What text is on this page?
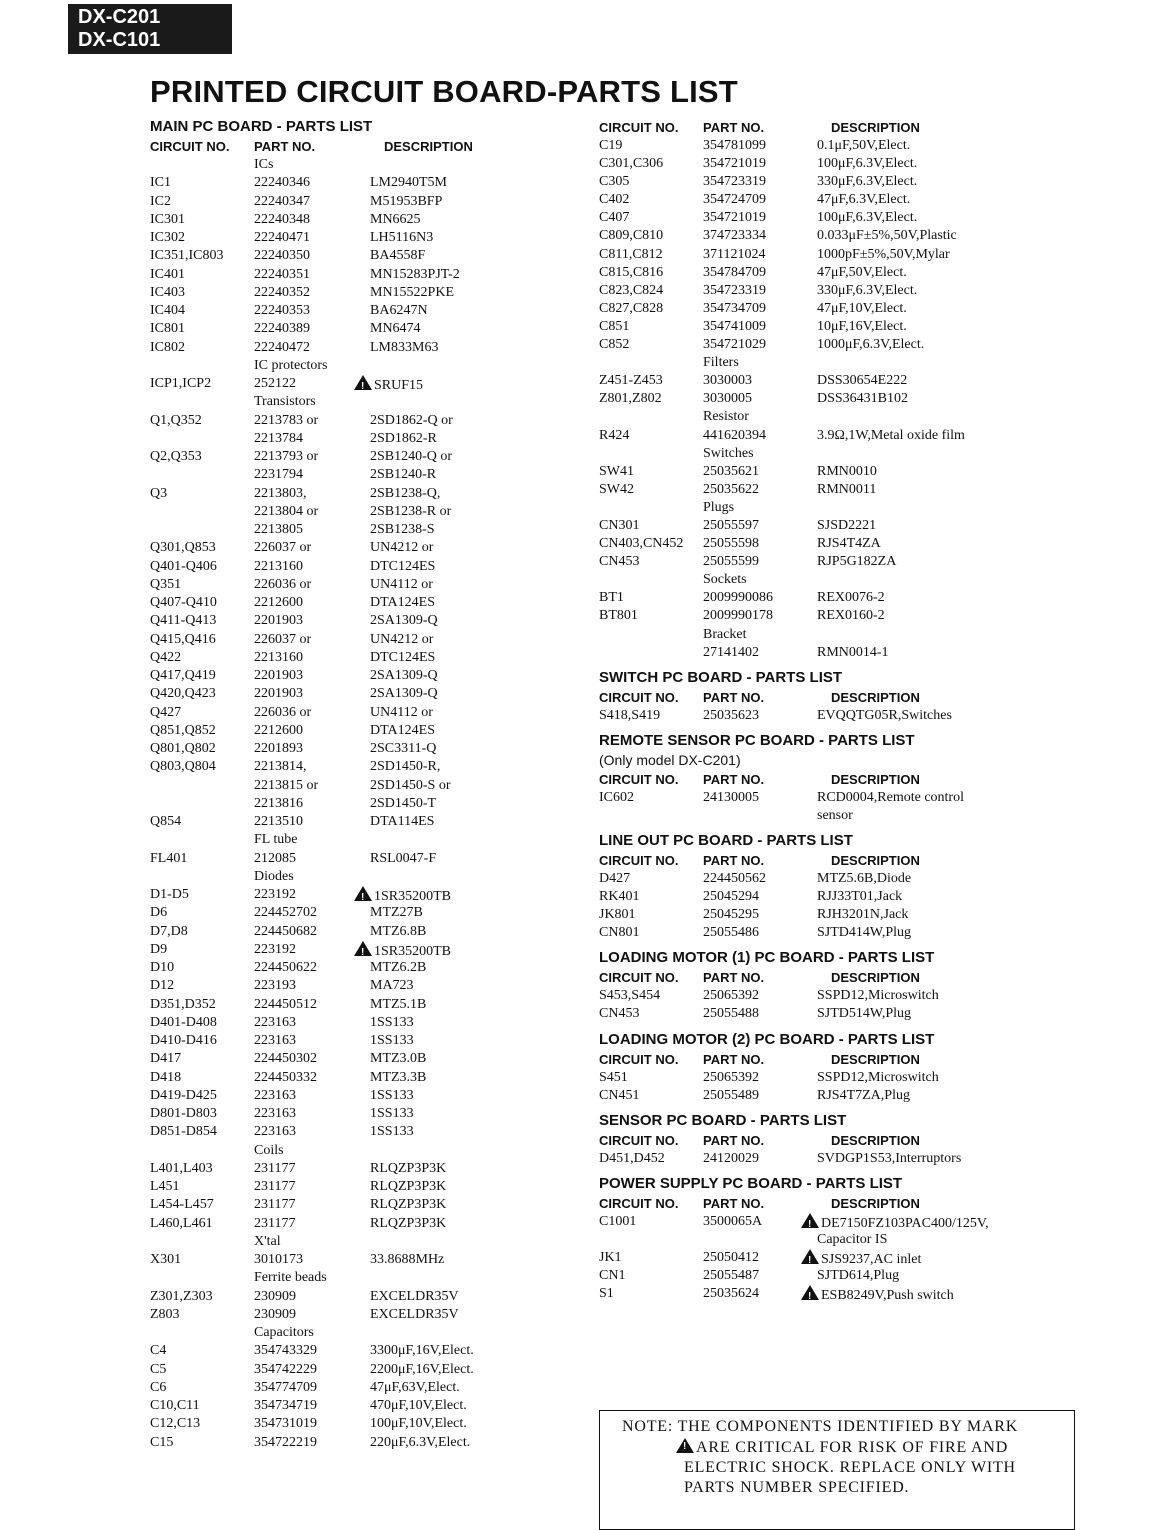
DX-C201
DX-C101
PRINTED CIRCUIT BOARD-PARTS LIST
MAIN PC BOARD - PARTS LIST
CIRCUIT NO. PART NO.	DESCRIPTION
ICs
IC1	22240346	LM2940T5M
IC2	22240347	M51953BFP
IC301	22240348	MN6625
IC302	22240471	LH5116N3
IC351,IC803 22240350	BA4558F
IC401	22240351	MN15283PJT-2
IC403	22240352	MN15522PKE
IC404	22240353	BA6247N
IC801	22240389	MN6474
IC802	22240472	LM833M63
IC protectors
ICP1,ICP2	252122 !	SRUF15
Transistors
Q1,Q352	2213783 or	2SD1862-Q or
2213784	2SD1862-R
Q2,Q353	2213793 or	2SB1240-Q or
2231794	2SB1240-R
Q3	2213803,	2SB1238-Q,
2213804 or	2SB1238-R or
2213805	2SB1238-S
Q301,Q853	226037 or	UN4212 or
Q401-Q406	2213160	DTC124ES
Q351	226036 or	UN4112 or
Q407-Q410	2212600	DTA124ES
Q411-Q413	2201903	2SA1309-Q
Q415,Q416	226037 or	UN4212 or
Q422	2213160	DTC124ES
Q417,Q419	2201903	2SA1309-Q
Q420,Q423	2201903	2SA1309-Q
Q427	226036 or	UN4112 or
Q851,Q852	2212600	DTA124ES
Q801,Q802	2201893	2SC3311-Q
Q803,Q804	2213814,	2SD1450-R,
2213815 or	2SD1450-S or
2213816	2SD1450-T
Q854	2213510	DTA114ES
FL tube
FL401	212085	RSL0047-F
Diodes
D1-D5	223192 !	1SR35200TB
D6	224452702	MTZ27B
D7,D8	224450682	MTZ6.8B
D9	223192 !	1SR35200TB
D10	224450622	MTZ6.2B
D12	223193	MA723
D351,D352	224450512	MTZ5.1B
D401-D408	223163	1SS133
D410-D416	223163	1SS133
D417	224450302	MTZ3.0B
D418	224450332	MTZ3.3B
D419-D425	223163	1SS133
D801-D803	223163	1SS133
D851-D854	223163	1SS133
Coils
L401,L403	231177	RLQZP3P3K
L451	231177	RLQZP3P3K
L454-L457	231177	RLQZP3P3K
L460,L461	231177	RLQZP3P3K
X'tal
X301	3010173	33.8688MHz
Ferrite beads
Z301,Z303	230909	EXCELDR35V
Z803	230909	EXCELDR35V
Capacitors
C4	354743329	3300μF,16V,Elect.
C5	354742229	2200μF,16V,Elect.
C6	354774709	47μF,63V,Elect.
C10,C11	354734719	470μF,10V,Elect.
C12,C13	354731019	100μF,10V,Elect.
C15	354722219	220μF,6.3V,Elect.
CIRCUIT NO. PART NO.	DESCRIPTION
C19	354781099	0.1μF,50V,Elect.
C301,C306	354721019	100μF,6.3V,Elect.
C305	354723319	330μF,6.3V,Elect.
C402	354724709	47μF,6.3V,Elect.
C407	354721019	100μF,6.3V,Elect.
C809,C810	374723334	0.033μF±5%,50V,Plastic
C811,C812	371121024	1000pF±5%,50V,Mylar
C815,C816	354784709	47μF,50V,Elect.
C823,C824	354723319	330μF,6.3V,Elect.
C827,C828	354734709	47μF,10V,Elect.
C851	354741009	10μF,16V,Elect.
C852	354721029	1000μF,6.3V,Elect.
Filters
Z451-Z453	3030003	DSS30654E222
Z801,Z802	3030005	DSS36431B102
Resistor
R424	441620394	3.9Ω,1W,Metal oxide film
Switches
SW41	25035621	RMN0010
SW42	25035622	RMN0011
Plugs
CN301	25055597	SJSD2221
CN403,CN452 25055598	RJS4T4ZA
CN453	25055599	RJP5G182ZA
Sockets
BT1	2009990086	REX0076-2
BT801	2009990178	REX0160-2
Bracket
27141402	RMN0014-1
SWITCH PC BOARD - PARTS LIST
CIRCUIT NO. PART NO.	DESCRIPTION
S418,S419	25035623	EVQQTG05R,Switches
REMOTE SENSOR PC BOARD - PARTS LIST
(Only model DX-C201)
CIRCUIT NO. PART NO.	DESCRIPTION
IC602	24130005	RCD0004,Remote control
sensor
LINE OUT PC BOARD - PARTS LIST
CIRCUIT NO. PART NO.	DESCRIPTION
D427	224450562	MTZ5.6B,Diode
RK401	25045294	RJJ33T01,Jack
JK801	25045295	RJH3201N,Jack
CN801	25055486	SJTD414W,Plug
LOADING MOTOR (1) PC BOARD - PARTS LIST
CIRCUIT NO. PART NO.	DESCRIPTION
S453,S454	25065392	SSPD12,Microswitch
CN453	25055488	SJTD514W,Plug
LOADING MOTOR (2) PC BOARD - PARTS LIST
CIRCUIT NO. PART NO.	DESCRIPTION
S451	25065392	SSPD12,Microswitch
CN451	25055489	RJS4T7ZA,Plug
SENSOR PC BOARD - PARTS LIST
CIRCUIT NO. PART NO.	DESCRIPTION
D451,D452	24120029	SVDGP1S53,Interruptors
POWER SUPPLY PC BOARD - PARTS LIST
CIRCUIT NO. PART NO.	DESCRIPTION
C1001	3500065A !	DE7150FZ103PAC400/125V,
Capacitor IS
JK1	25050412 !	SJS9237,AC inlet
CN1	25055487	SJTD614,Plug
S1	25035624 !	ESB8249V,Push switch
NOTE: THE COMPONENTS IDENTIFIED BY MARK
!ARE CRITICAL FOR RISK OF FIRE AND
ELECTRIC SHOCK. REPLACE ONLY WITH
PARTS NUMBER SPECIFIED.
